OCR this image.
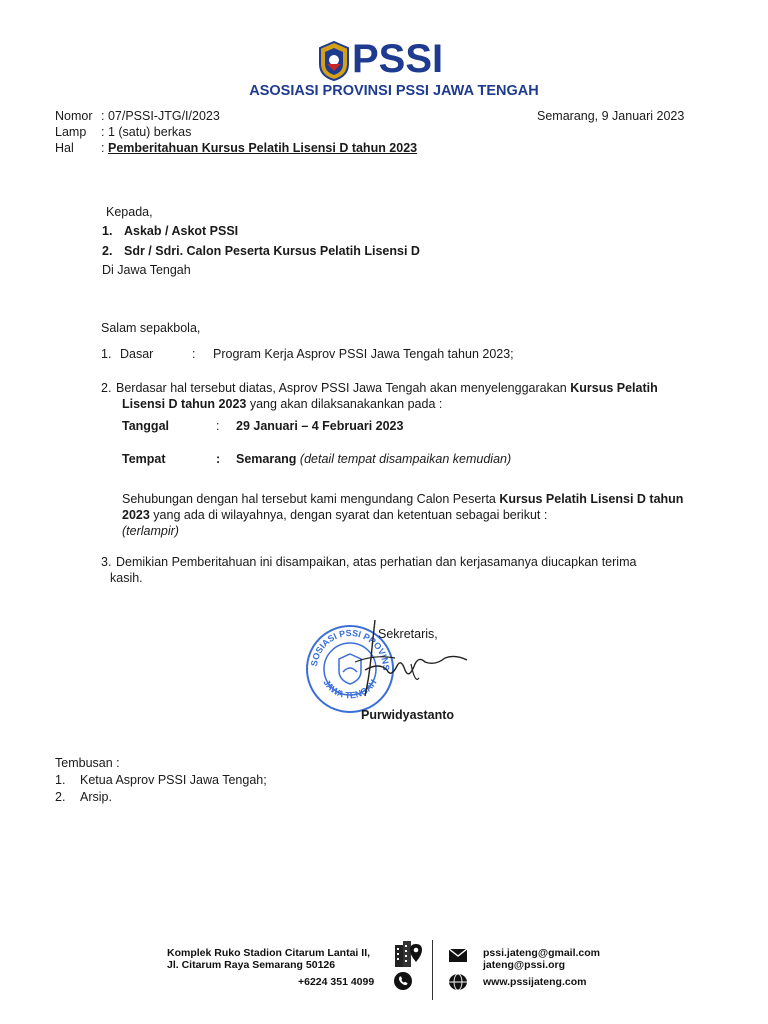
PSSI
ASOSIASI PROVINSI PSSI JAWA TENGAH
Nomor : 07/PSSI-JTG/I/2023	Semarang, 9 Januari 2023
Lamp : 1 (satu) berkas
Hal : Pemberitahuan Kursus Pelatih Lisensi D tahun 2023
Kepada,
1. Askab / Askot PSSI
2. Sdr / Sdri. Calon Peserta Kursus Pelatih Lisensi D
Di Jawa Tengah
Salam sepakbola,
1. Dasar	: Program Kerja Asprov PSSI Jawa Tengah tahun 2023;
2. Berdasar hal tersebut diatas, Asprov PSSI Jawa Tengah akan menyelenggarakan Kursus Pelatih
Lisensi D tahun 2023 yang akan dilaksanakankan pada :
Tanggal	: 29 Januari – 4 Februari 2023
Tempat	: Semarang (detail tempat disampaikan kemudian)
Sehubungan dengan hal tersebut kami mengundang Calon Peserta Kursus Pelatih Lisensi D tahun
2023 yang ada di wilayahnya, dengan syarat dan ketentuan sebagai berikut :
(terlampir)
3. Demikian Pemberitahuan ini disampaikan, atas perhatian dan kerjasamanya diucapkan terima
kasih.
SOSIASI PSSI PROVINS
JAWA TENGAH
Sekretaris,
Purwidyastanto
Tembusan :
1. Ketua Asprov PSSI Jawa Tengah;
2. Arsip.
Komplek Ruko Stadion Citarum Lantai II,
Jl. Citarum Raya Semarang 50126
+6224 351 4099
pssi.jateng@gmail.com
jateng@pssi.org
www.pssijateng.com
